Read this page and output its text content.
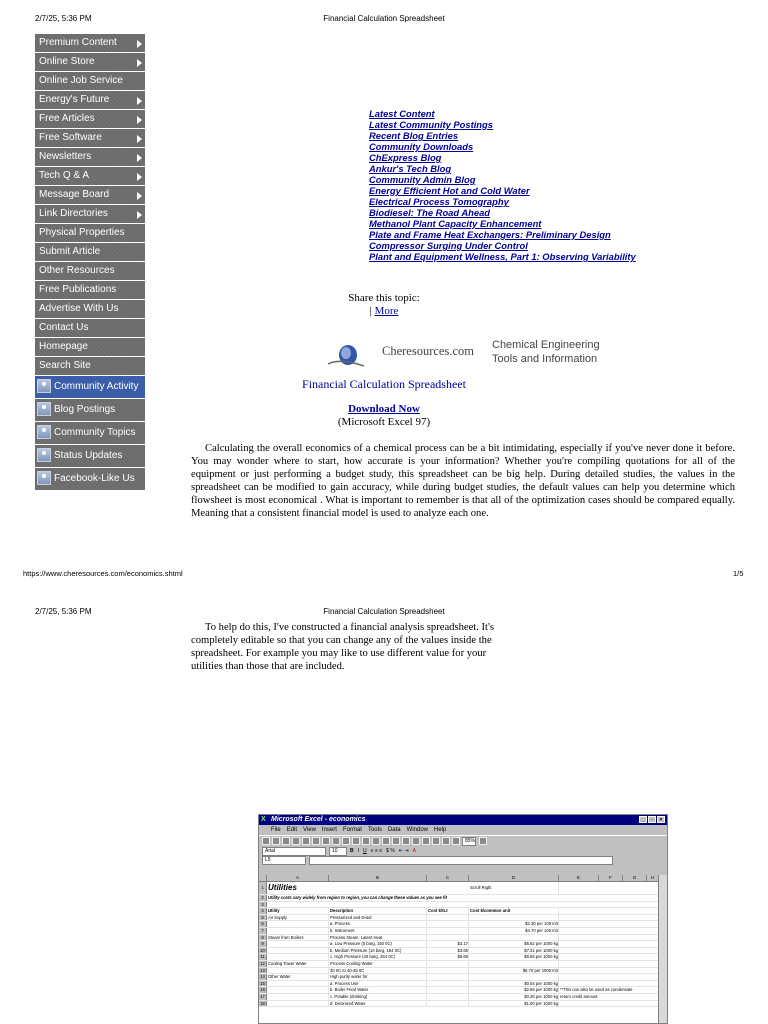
2/7/25, 5:36 PM	Financial Calculation Spreadsheet
Premium Content
Online Store
Online Job Service
Energy's Future
Free Articles
Free Software
Newsletters
Tech Q & A
Message Board
Link Directories
Physical Properties
Submit Article
Other Resources
Free Publications
Advertise With Us
Contact Us
Homepage
Search Site
Community Activity
Blog Postings
Community Topics
Status Updates
Facebook-Like Us
Latest Content
Latest Community Postings
Recent Blog Entries
Community Downloads
ChExpress Blog
Ankur's Tech Blog
Community Admin Blog
Energy Efficient Hot and Cold Water
Electrical Process Tomography
Biodiesel: The Road Ahead
Methanol Plant Capacity Enhancement
Plate and Frame Heat Exchangers: Preliminary Design
Compressor Surging Under Control
Plant and Equipment Wellness, Part 1: Observing Variability
Share this topic:
| More
Cheresources.com Chemical Engineering
Tools and Information
Financial Calculation Spreadsheet
Download Now
(Microsoft Excel 97)

Calculating the overall economics of a chemical process can be a bit intimidating, especially if you've never done it before. You may wonder where to start, how accurate is your information? Whether you're compiling quotations for all of the equipment or just performing a budget study, this spreadsheet can be big help. During detailed studies, the values in the spreadsheet can be modified to gain accuracy, while during budget studies, the default values can help you determine which flowsheet is most economical . What is important to remember is that all of the optimization cases should be compared equally. Meaning that a consistent financial model is used to analyze each one.

https://www.cheresources.com/economics.shtml	1/5
2/7/25, 5:36 PM	Financial Calculation Spreadsheet

To help do this, I've constructed a financial analysis spreadsheet. It's completely editable so that you can change any of the values inside the spreadsheet. For example you may like to use different value for your utilities than those that are included.

X Microsoft Excel - economics	_	▫	×
File Edit View Insert Format Tools Data Window Help
85%
Arial	10	B I U ≡ ≡ ≡ $ % ⇤ ⇥ A
L5
A	B	C	D	E	F	G	H
1 Utilities	Scroll Right
2	Utility costs vary widely from region to region, you can change these values as you see fit
3
4	Utility	Description	Cost $/GJ	Cost $/common unit
5	Air Supply	Pressurized and Dried
6	a. Process	$2.30 per 100 m3
7	b. Instrument	$4.70 per 100 m3
8	Steam from Boilers	Process Steam: Latent Heat
9	a. Low Pressure (5 barg, 160 0C)	$3.17	$6.62 per 1000 kg
10	b. Medium Pressure (10 barg, 184 0C)	$3.65	$7.31 per 1000 kg
11	c. High Pressure (40 barg, 254 0C)	$5.69	$8.65 per 1000 kg
12 Cooling Tower Water	Process Cooling Water
13	30 0C to 40-45 0C	$6.70 per 1000 m3
14 Other Water	High purity water for
15	a. Process Use	$0.04 per 1000 kg
16	b. Boiler Feed Water	$2.56 per 1000 kg **This can also be used as condensate
17	c. Potable (drinking)	$0.26 per 1000 kg return credit amount
18	d. Deionized Water	$1.00 per 1000 kg
